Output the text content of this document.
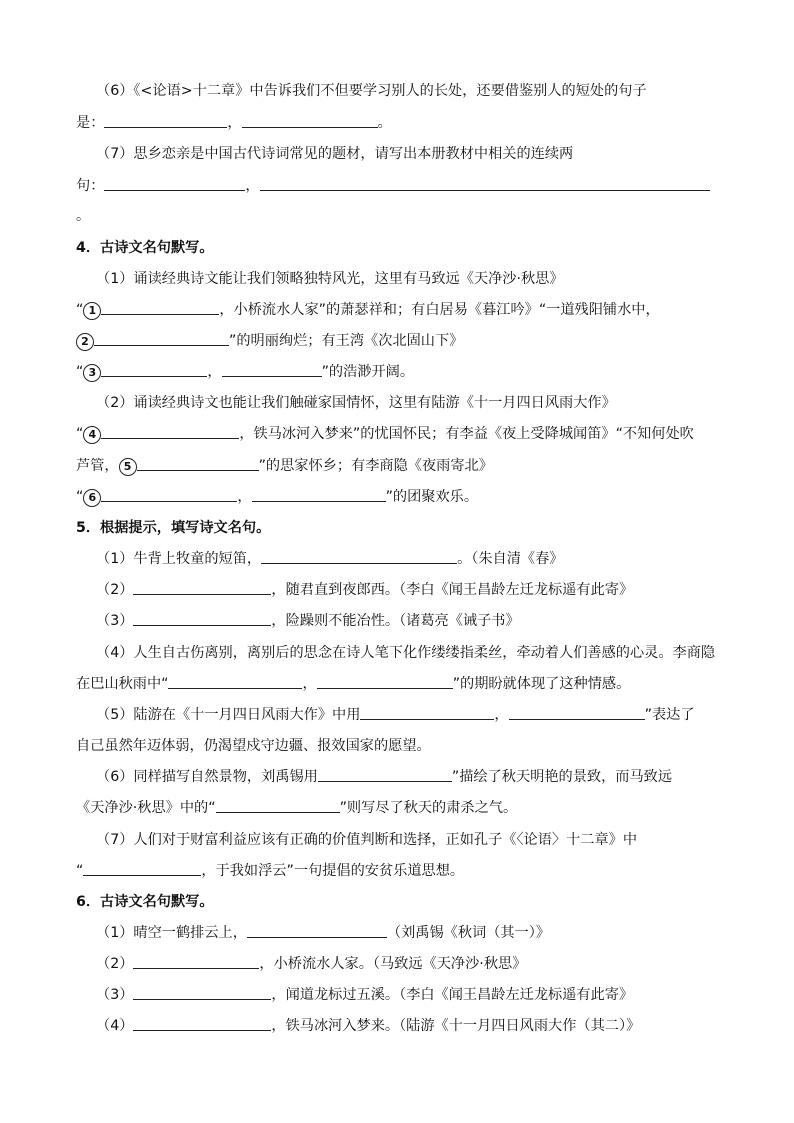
（6）《<论语>十二章》中告诉我们不但要学习别人的长处，还要借鉴别人的短处的句子
是：	，	。
（7）思乡恋亲是中国古代诗词常见的题材，请写出本册教材中相关的连续两
句：	，
。
4．古诗文名句默写。
（1）诵读经典诗文能让我们领略独特风光，这里有马致远《天净沙·秋思》
“ 1	，小桥流水人家”的萧瑟祥和；有白居易《暮江吟》“一道残阳铺水中，
2	”的明丽绚烂；有王湾《次北固山下》
“ 3	，	”的浩渺开阔。
（2）诵读经典诗文也能让我们触碰家国情怀，这里有陆游《十一月四日风雨大作》
“ 4	，铁马冰河入梦来”的忧国怀民；有李益《夜上受降城闻笛》“不知何处吹
芦管， 5	”的思家怀乡；有李商隐《夜雨寄北》
“ 6	，	”的团聚欢乐。
5．根据提示，填写诗文名句。
（1）牛背上牧童的短笛，	。（朱自清《春》
（2）	，随君直到夜郎西。（李白《闻王昌龄左迁龙标遥有此寄》
（3）	，险躁则不能冶性。（诸葛亮《诫子书》
（4）人生自古伤离别，离别后的思念在诗人笔下化作缕缕指柔丝，牵动着人们善感的心灵。李商隐
在巴山秋雨中“	，	”的期盼就体现了这种情感。
（5）陆游在《十一月四日风雨大作》中用	，	”表达了
自己虽然年迈体弱，仍渴望戍守边疆、报效国家的愿望。
（6）同样描写自然景物，刘禹锡用	”描绘了秋天明艳的景致，而马致远
《天净沙·秋思》中的“	”则写尽了秋天的肃杀之气。
（7）人们对于财富利益应该有正确的价值判断和选择，正如孔子《〈论语〉十二章》中
“	，于我如浮云”一句提倡的安贫乐道思想。
6．古诗文名句默写。
（1）晴空一鹤排云上，	（刘禹锡《秋词（其一）》
（2）	，小桥流水人家。（马致远《天净沙·秋思》
（3）	，闻道龙标过五溪。（李白《闻王昌龄左迁龙标遥有此寄》
（4）	，铁马冰河入梦来。（陆游《十一月四日风雨大作（其二）》
